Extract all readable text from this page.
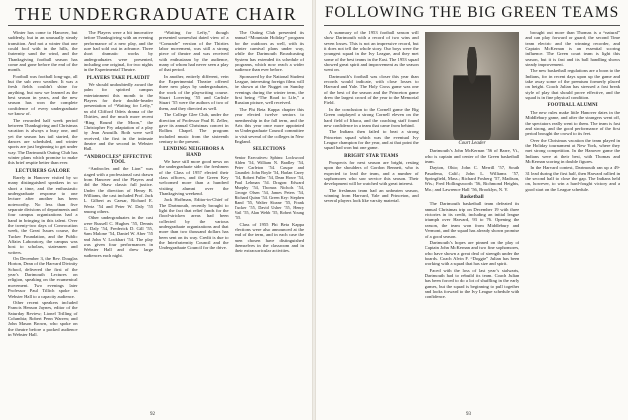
THE UNDERGRADUATE CHAIR

Winter has come to Hanover, but suddenly, but in an unusually steady transition. And not a winter that one could fool with in the hills, the fraternity sand the wind, and the Thanksgiving football season has come and gone before the end of the month.

Football was football long-ago, all but the sub zero weather. It was a fresh fields couldn't shine for anything, but now we learned as the best season in years, and the new season has won the complete confidence of every undergraduate we know of.

The rewarded half week period between Thanksgiving and Christmas vacation is always a busy one, and yet the season has tail started, the dances are scheduled, and winter sports are just beginning to get under way. The Dartmouth Outing Club has winter plans which promise to make this brief respite better than ever.

LECTURERS GALORE

Rarely in Hanover visited by so many distinguished speakers in so short a time, and the enthusiastic undergraduate response to one lecture after another has been noteworthy. No less than five separate divisions of departments and four campus organizations had a hand in bringing in this talent. Over the twenty-two days of Convocation week, the Great Issues course, the Tucker Foundation, and the Public Affairs Laboratory, the campus was host to scholars, statesmen and writers.

On December 3, the Rev. Douglas Horton, Dean of the Harvard Divinity School, delivered the first of the year's Dartmouth Lectures on religion, speaking on the ecumenical movement. Two evenings later Professor Paul Tillich spoke in Webster Hall to a capacity audience.

Other recent speakers included Francis Henson Jaynes, editor of the Saturday Review; Lionel Trilling of Columbia; Robert Penn Warren; and John Mason Brown, who spoke on the theatre before a packed audience in Webster Hall.

The Players were a bit innovative before Thanksgiving with an evening performance of a new play, and the sure had sold out in advance. Three short dramatic works by undergraduates were presented, including one original, for two nights in the Experimental Theatre.

PLAYERS TAKE PLAUDIT

We should undoubtedly award the palm for spirited campus entertainment this month to the Players for their double-header presentation of “Waiting for Lefty,” an old Clifford Odets drama of the Thirties, and the much more recent “Ring Round the Moon,” the Christopher Fry adaptation of a play by Jean Anouilh. Both were well received, the first in the intimate theatre and the second in Webster Hall.

“ANDROCLES” EFFECTIVE TOOL

“Androcles and the Lion” was staged with a professional cast drawn from Hanover and the Players and did the Shaw classic full justice. Under the direction of Henry B. Williams, the cast included Prof. Jack L. Gilbert as Caesar, Richard E. Wertz ’54 and Peter W. Daly ’55 among others.

Other undergraduates in the cast were Russell C. Hughes ’55, Dennis G. Daly ’54, Frederick D. Gill ’55, Sam Malone ’54, Daniel W. Aber ’55 and John V. Lockhart ’54. The play was given four performances in Webster Hall and drew large audiences each night.

“Waiting for Lefty,” though presented somewhat dated view of a “Comrade” version of the Thirties labor movement, was still a strong piece of theatre and was received with enthusiasm by the audience, many of whom had never seen a play of that period.

In another, entirely different, vein the Experimental Theatre offered three new plays by undergraduates, the work of the playwriting course. Stuart Lovering ’55 and Carlisle Stuart ’55 were the authors of two of them, and they directed as well.

The College Glee Club, under the direction of Professor Paul R. Zeller, gave its annual Christmas concert in Rollins Chapel. The program included music from the sixteenth century to the present.

LENDING NEIGHBORS A HAND

We have still more good news on the undergraduate side: the freshmen of the Class of 1957 elected their class officers, and the Green Key welcomed more than a hundred visiting alumni over the Thanksgiving weekend.

Jack Hoffman, Editor-in-Chief of The Dartmouth, recently brought to light the fact that relief funds for the flood-stricken areas had been collected by the various undergraduate organizations and that more than two thousand dollars has been sent on its way. Credit is due to the Interfraternity Council and the Undergraduate Council for the drive.

The Outing Club presented its annual “Mountain Holiday” program for the outdoors as well, with its winter carnival plans under way, while the Dartmouth Broadcasting System has extended its schedule of programs, which now reach a wider audience than ever before.

Sponsored by the National Student League, interesting foreign films will be shown at the Nugget on Sunday evenings during the winter term, the first being “The Road to Life,” a Russian picture, well received.

The Phi Beta Kappa chapter this year elected twelve seniors to membership in the fall term, and the Arts this year once more appointed an Undergraduate Council committee to visit several of the colleges in New England.

SELECTIONS

Senior Executives: Sphinx: Lockwood Alden ’54, William N. Bradley ’54, Peter Carleton ’54. Casque and Gauntlet: John Boyle ’54, Harlan Carey ’54, Robert Fuller ’54, Dean Howe ’54, Paul Lehman ’54. Dragon: Edward Murphy ’54, Thomas Nichols ’54, George Olsen ’54, James Peters ’54, Richard Quinn ’54. Green Key: Stephen Rand ’55, Walter Sloane ’55, Frank Tucker ’55, David Usher ’55, Henry Vail ’55, Alan Webb ’55, Robert Young ’55.

Class of 1955 Phi Beta Kappa elections were also announced at the end of the term, and in each case the men chosen have distinguished themselves in the classroom and in their extracurricular activities.

92
FOLLOWING THE BIG GREEN TEAMS

A summary of the 1953 football season will show Dartmouth with a record of two wins and seven losses. This is not an impressive record, but it does not tell the whole story. Our boys were the youngest squad in the Ivy League, and they met some of the best teams in the East. The 1953 squad showed great spirit and improvement as the season went on.

Dartmouth’s football was closer this year than records would indicate, with close losses to Harvard and Yale. The Holy Cross game was one of the best of the season and the Princeton game drew the largest crowd of the year to the Memorial Field.

In the conclusion to the Cornell game the Big Green outplayed a strong Cornell eleven on the hard field of Ithaca, and the coaching staff found new confidence in a team that came from behind.

The Indians then failed to beat a strong Princeton squad which was the eventual Ivy League champion for the year, and at that point the squad had won but one game.

BRIGHT STAR TEAMS

Prospects for next season are bright, resting upon the shoulders of Gordon Bennett, who is expected to lead the team, and a number of sophomores who saw service this season. Their development will be watched with great interest.

The freshman team had an unbeaten season, winning from Harvard, Yale and Princeton, and several players look like varsity material.

Court Leader

Dartmouth’s John McKernan ’56 of Barre, Vt., who is captain and center of the Green basketball team.

Dayton, Ohio; John C. Merrill ’57, South Pasadena, Calif.; John L. Williams ’57, Springfield, Mass.; Richard Fosberg ’57, Madison, Wis.; Fred Hollingsworth ’56, Richmond Heights, Mo.; and Lawrence Hall ’56, Brooklyn, N. Y.

Basketball

The Dartmouth basketball team defeated its annual Christmas trip on December 19 with three victories in its credit, including an initial league triumph over Harvard, 93 to 76. Opening the season, the team won from Middlebury and Vermont, and the squad has already shown promise of a good season.

Dartmouth’s hopes are pinned on the play of Captain John McKernan and two fine sophomores, who have shown a great deal of strength under the boards. Coach Alvin F. “Doggie” Julian has been working with a squad that has size and spirit.

Faced with the loss of last year’s stalwarts, Dartmouth had to rebuild its team. Coach Julian has been forced to do a lot of shuffling in the early games, but the squad is beginning to pull together and looks forward to the Ivy League schedule with confidence.

brought out more than Thomas is a “natural” and can play forward or guard; the second Time team electric and the winning recorder, and Captain McKernan is an essential scoring influence. The Green court team is light this season, but it is fast and its ball handling shows steady improvement.

The new basketball regulations are a boon to the Indians, for in recent days upon up the game and take away some of the premium formerly placed on height. Coach Julian has stressed a fast break style of play that should prove effective, and the squad is in fine physical condition.

FOOTBALL ALUMNI

The new rules make little Hanover dates in the Middlebury game, and after the strangers went off, the spectators really went to them. The team is fast and strong, and the good performance of the first period brought the crowd to its feet.

Over the Christmas vacation the team played in the Holiday tournament at New York, where they met strong competition. In the Hanover game the Indians were at their best, with Thomas and McKernan scoring in double figures.

In the Harvard contest, Dartmouth ran up a 49-31 lead during the first half, then Harvard rallied in the second half to close the gap. The Indians held on, however, to win a hard-fought victory and a good start on the League schedule.

93
